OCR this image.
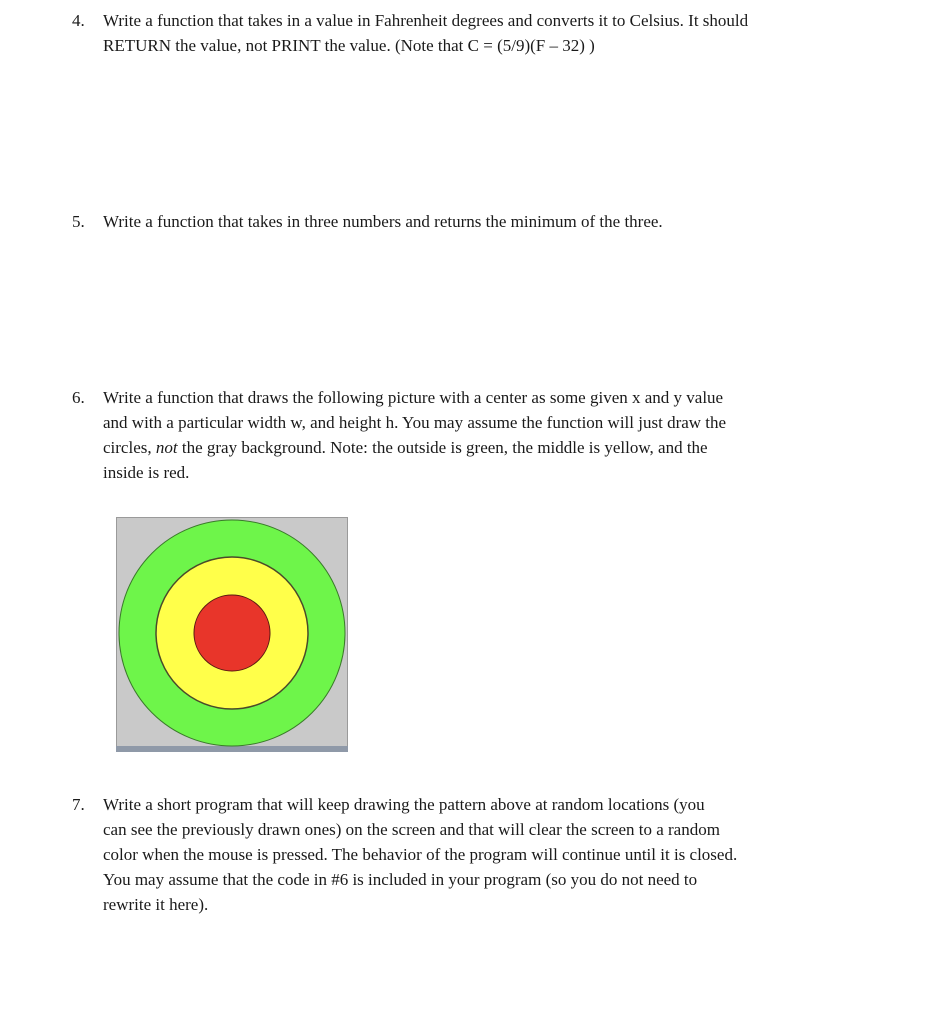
4. Write a function that takes in a value in Fahrenheit degrees and converts it to Celsius. It should
RETURN the value, not PRINT the value. (Note that C = (5/9)(F – 32) )
5. Write a function that takes in three numbers and returns the minimum of the three.
6. Write a function that draws the following picture with a center as some given x and y value
and with a particular width w, and height h. You may assume the function will just draw the
circles, not the gray background. Note: the outside is green, the middle is yellow, and the
inside is red.
7. Write a short program that will keep drawing the pattern above at random locations (you
can see the previously drawn ones) on the screen and that will clear the screen to a random
color when the mouse is pressed. The behavior of the program will continue until it is closed.
You may assume that the code in #6 is included in your program (so you do not need to
rewrite it here).
